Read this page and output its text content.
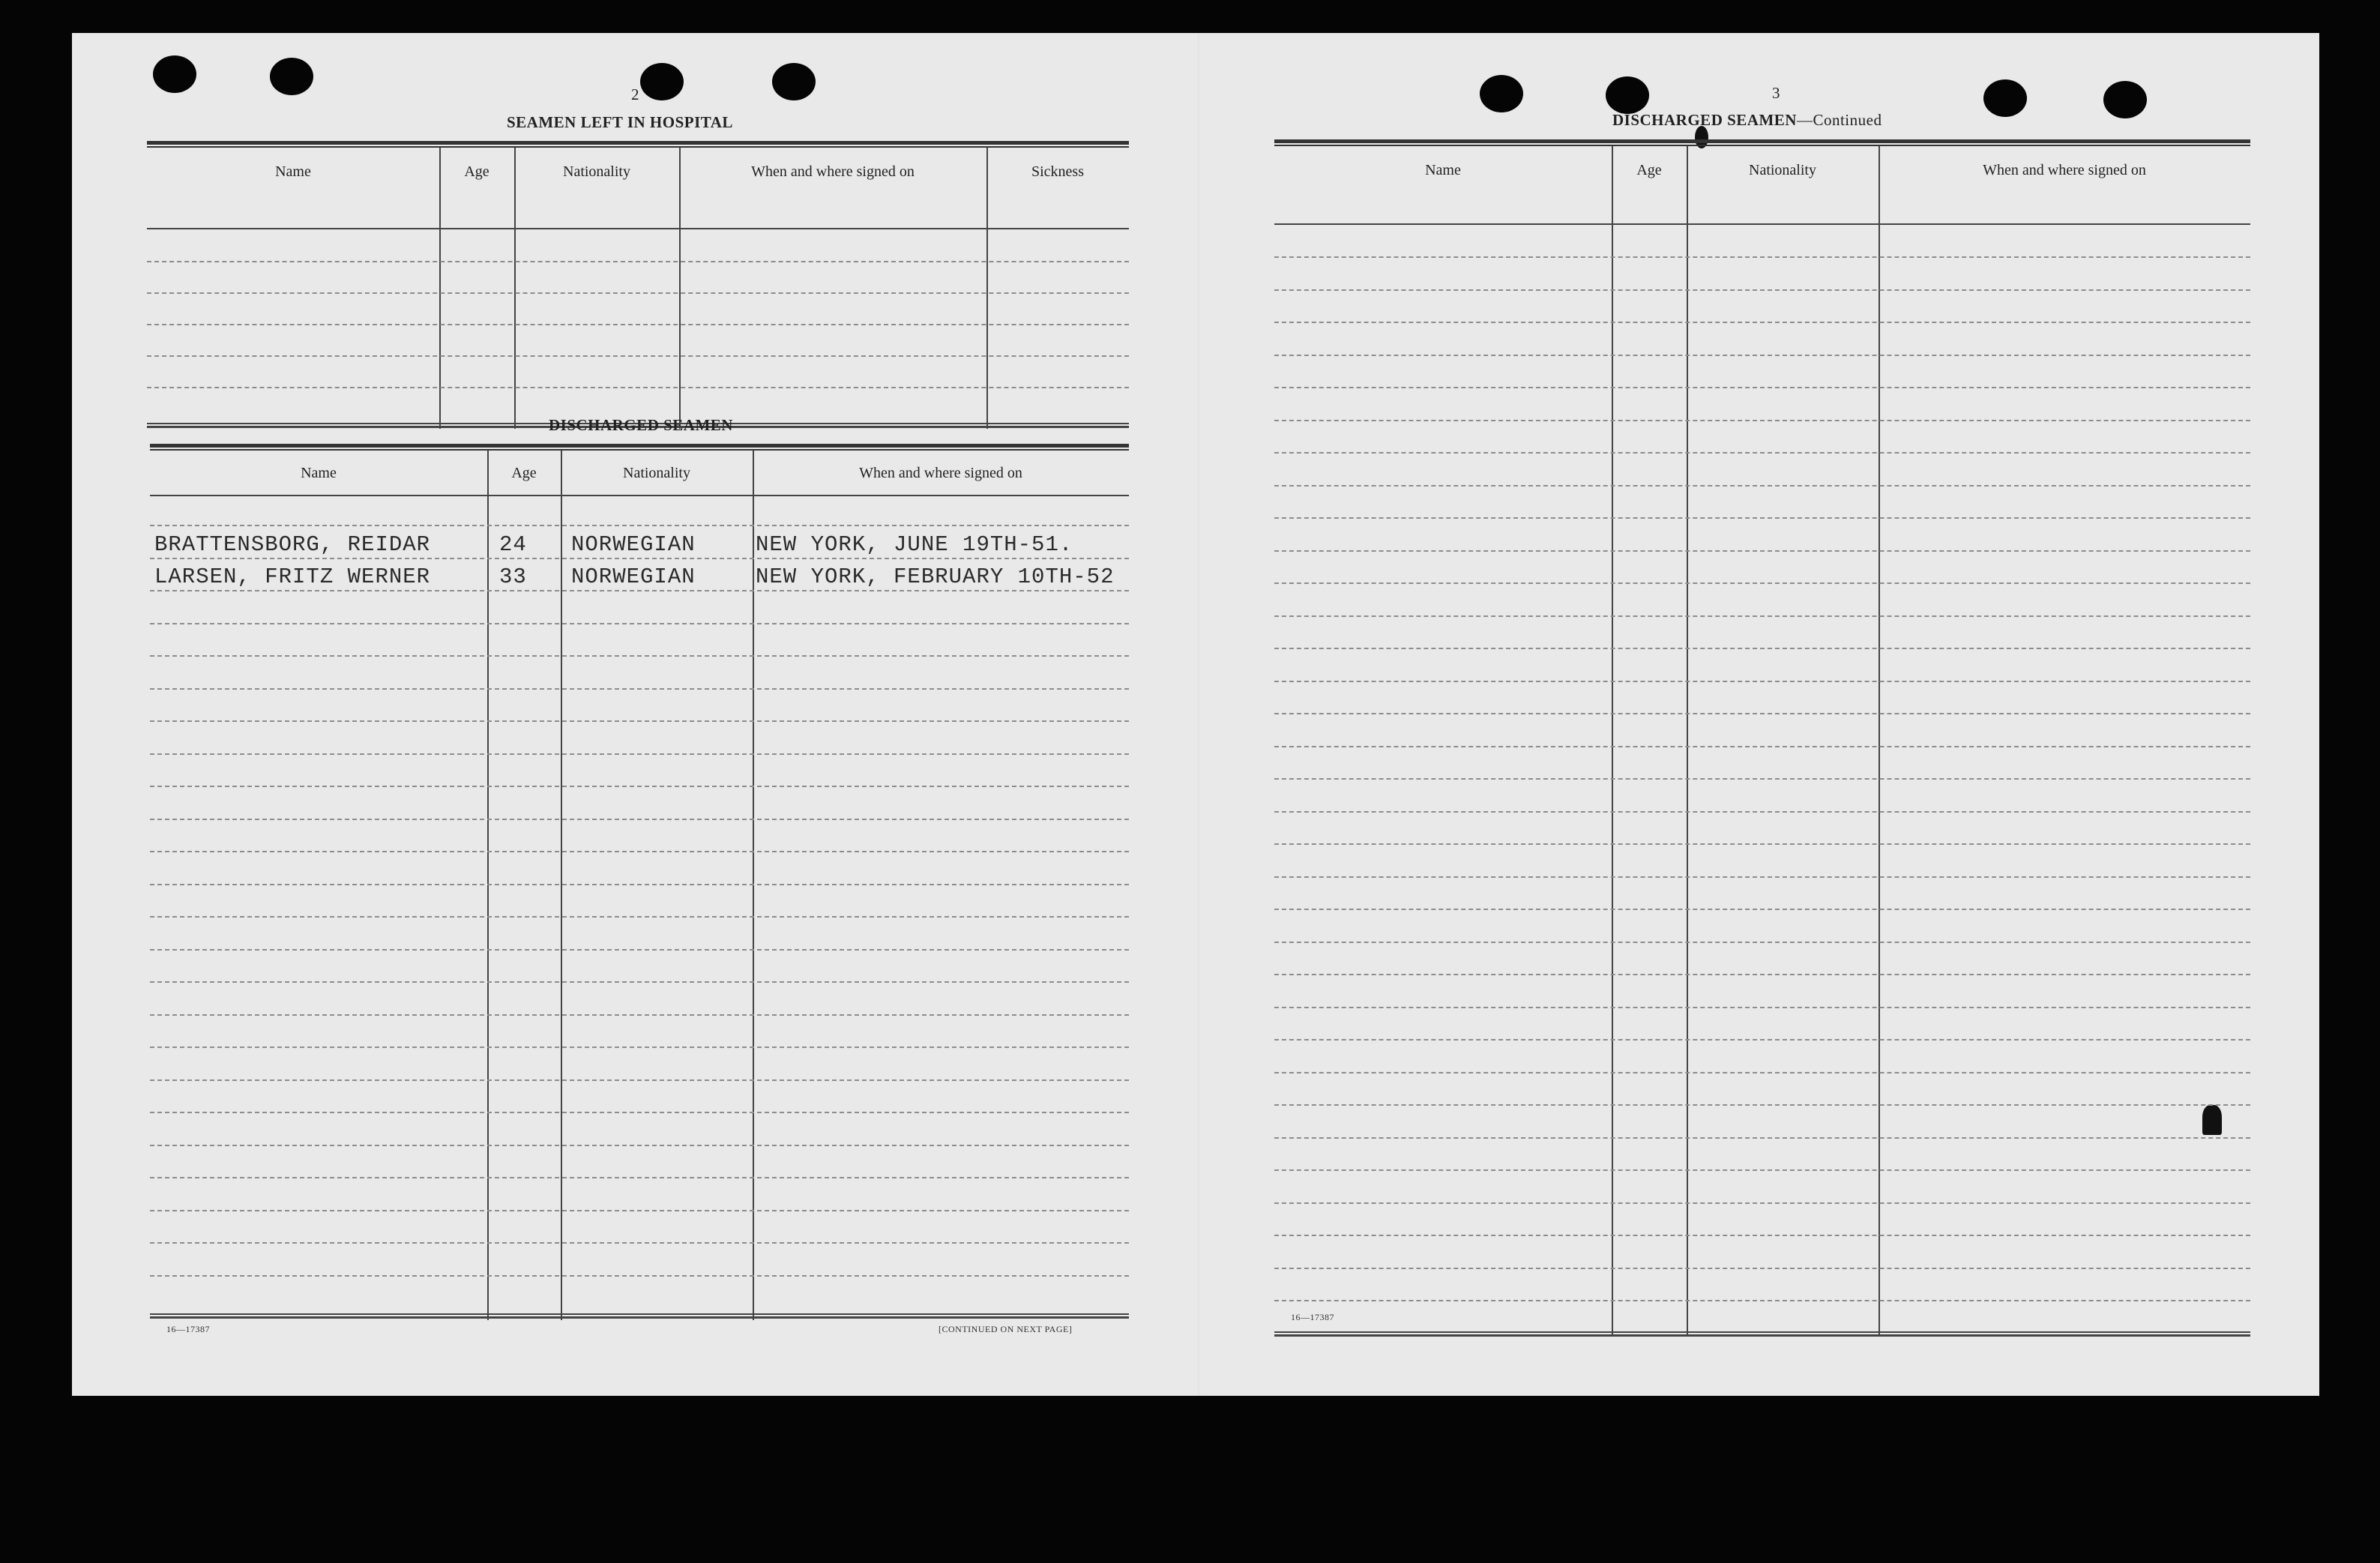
2
SEAMEN LEFT IN HOSPITAL
Name	Age	Nationality	When and where signed on	Sickness
DISCHARGED SEAMEN
Name	Age	Nationality	When and where signed on
BRATTENSBORG, REIDAR	24 NORWEGIAN	NEW YORK, JUNE 19TH-51.
LARSEN, FRITZ WERNER	33 NORWEGIAN	NEW YORK, FEBRUARY 10TH-52
16—17387	[CONTINUED ON NEXT PAGE]
3
DISCHARGED SEAMEN—Continued
Name	Age	Nationality	When and where signed on
16—17387
